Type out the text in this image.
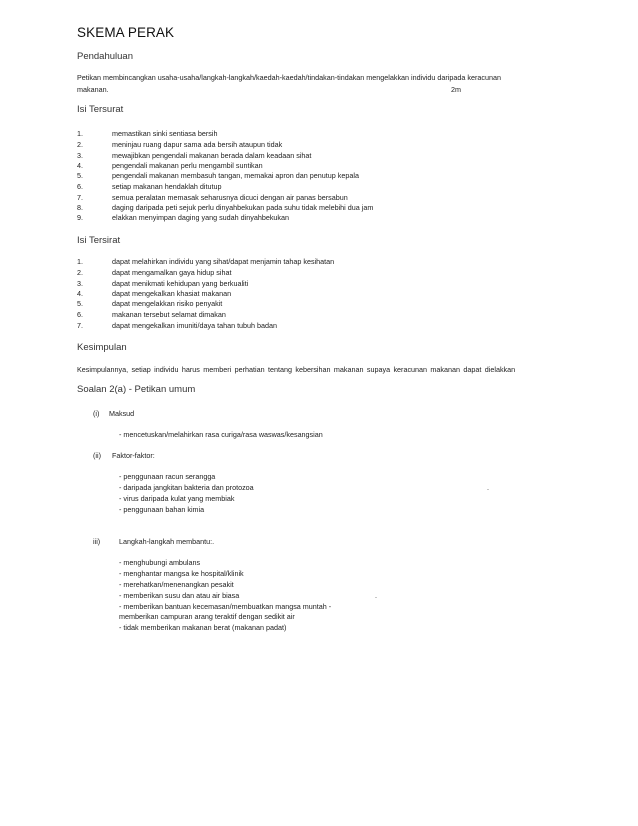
SKEMA PERAK
Pendahuluan
Petikan membincangkan usaha-usaha/langkah-langkah/kaedah-kaedah/tindakan-tindakan mengelakkan individu daripada keracunan
makanan.	2m
Isi Tersurat
1.	memastikan sinki sentiasa bersih
2.	meninjau ruang dapur sama ada bersih ataupun tidak
3.	mewajibkan pengendali makanan berada dalam keadaan sihat
4.	pengendali makanan perlu mengambil suntikan
5.	pengendali makanan membasuh tangan, memakai apron dan penutup kepala
6.	setiap makanan hendaklah ditutup
7.	semua peralatan memasak seharusnya dicuci dengan air panas bersabun
8.	daging daripada peti sejuk perlu dinyahbekukan pada suhu tidak melebihi dua jam
9.	elakkan menyimpan daging yang sudah dinyahbekukan
Isi Tersirat
1.	dapat melahirkan individu yang sihat/dapat menjamin tahap kesihatan
2.	dapat mengamalkan gaya hidup sihat
3.	dapat menikmati kehidupan yang berkualiti
4.	dapat mengekalkan khasiat makanan
5.	dapat mengelakkan risiko penyakit
6.	makanan tersebut selamat dimakan
7.	dapat mengekalkan imuniti/daya tahan tubuh badan
Kesimpulan
Kesimpulannya, setiap individu harus memberi perhatian tentang kebersihan makanan supaya keracunan makanan dapat dielakkan
Soalan 2(a) - Petikan umum
(i) Maksud
- mencetuskan/melahirkan rasa curiga/rasa waswas/kesangsian
(ii) Faktor-faktor:
- penggunaan racun serangga
- daripada jangkitan bakteria dan protozoa
- virus daripada kulat yang membiak
- penggunaan bahan kimia
.
iii)	Langkah-langkah membantu:.
- menghubungi ambulans
- menghantar mangsa ke hospital/klinik
- merehatkan/menenangkan pesakit
- memberikan susu dan atau air biasa
- memberikan bantuan kecemasan/membuatkan mangsa muntah -
memberikan campuran arang teraktif dengan sedikit air
- tidak memberikan makanan berat (makanan padat)
.
